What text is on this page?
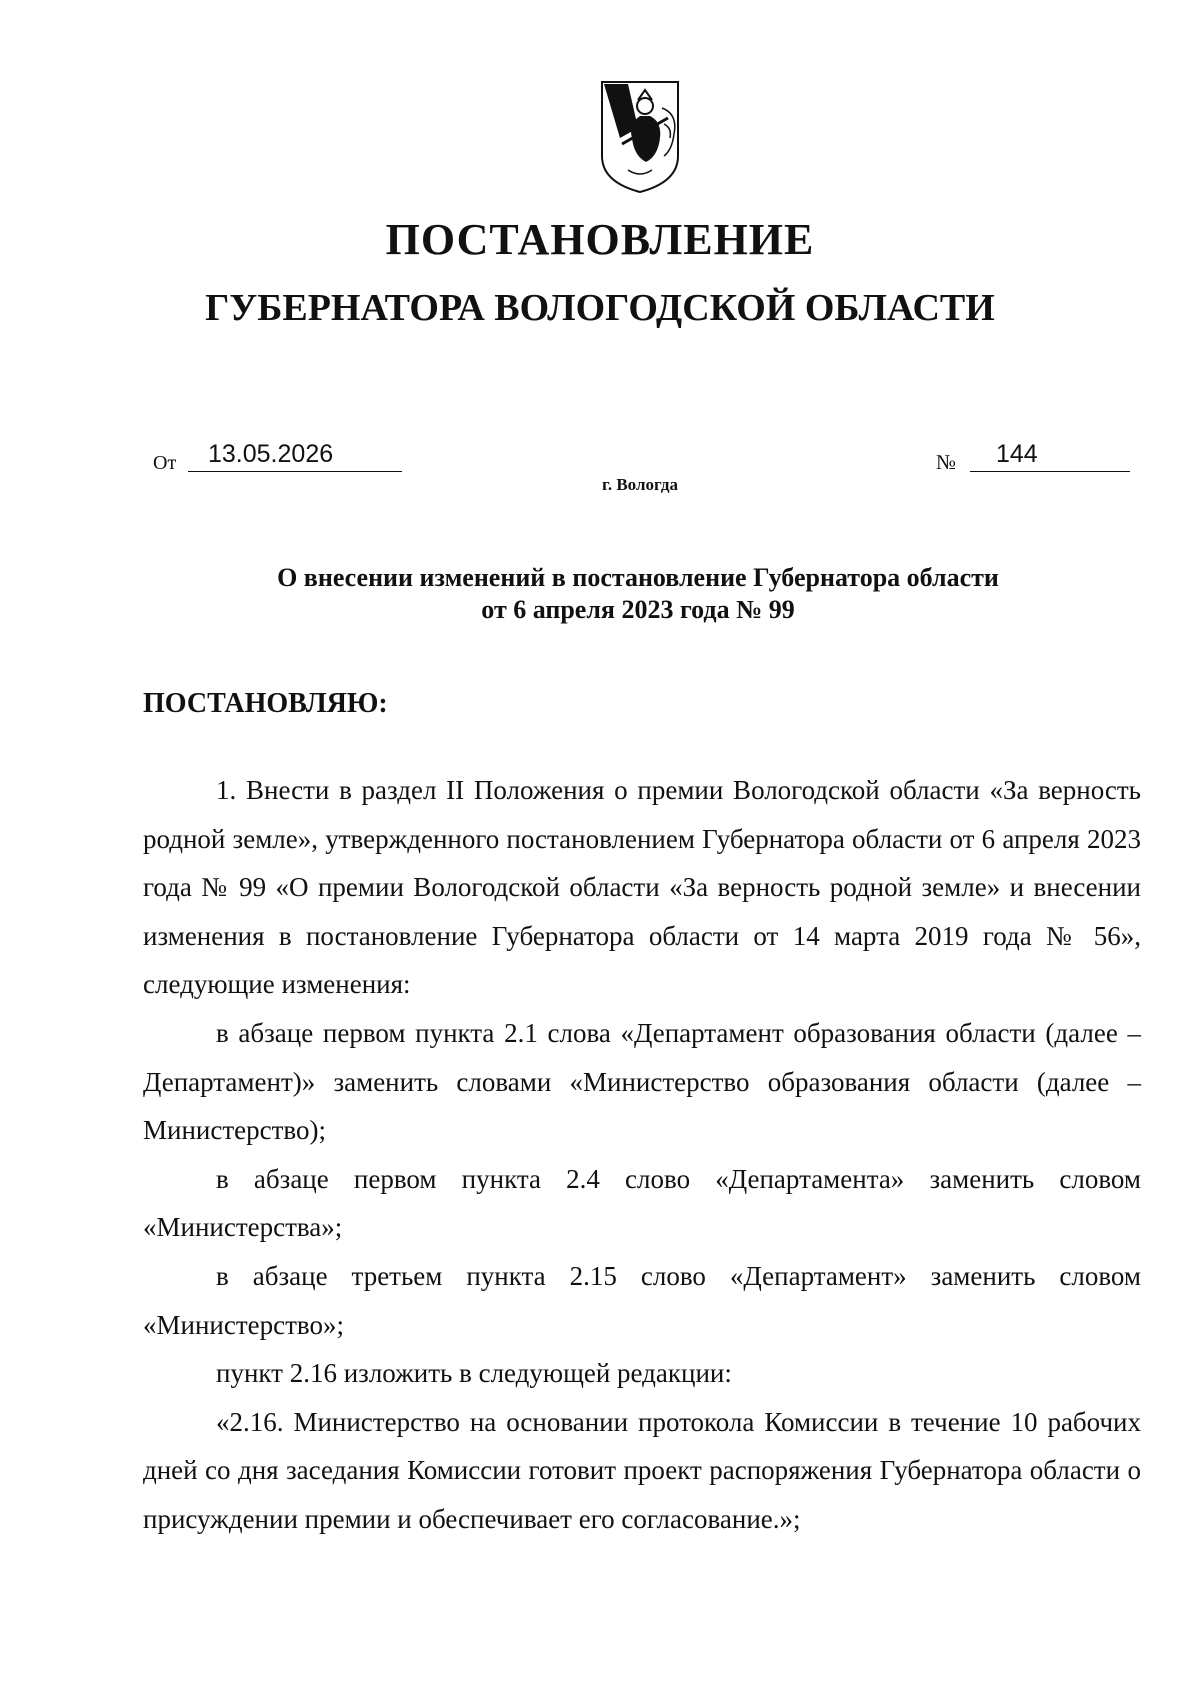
ПОСТАНОВЛЕНИЕ
ГУБЕРНАТОРА ВОЛОГОДСКОЙ ОБЛАСТИ
От	13.05.2026	№	144
г. Вологда
О внесении изменений в постановление Губернатора области
от 6 апреля 2023 года № 99
ПОСТАНОВЛЯЮ:

1. Внести в раздел II Положения о премии Вологодской области «За верность родной земле», утвержденного постановлением Губернатора области от 6 апреля 2023 года № 99 «О премии Вологодской области «За верность родной земле» и внесении изменения в постановление Губернатора области от 14 марта 2019 года № 56», следующие изменения:

в абзаце первом пункта 2.1 слова «Департамент образования области (далее – Департамент)» заменить словами «Министерство образования области (далее – Министерство);

в абзаце первом пункта 2.4 слово «Департамента» заменить словом «Министерства»;

в абзаце третьем пункта 2.15 слово «Департамент» заменить словом «Министерство»;

пункт 2.16 изложить в следующей редакции:

«2.16. Министерство на основании протокола Комиссии в течение 10 рабочих дней со дня заседания Комиссии готовит проект распоряжения Губернатора области о присуждении премии и обеспечивает его согласование.»;
